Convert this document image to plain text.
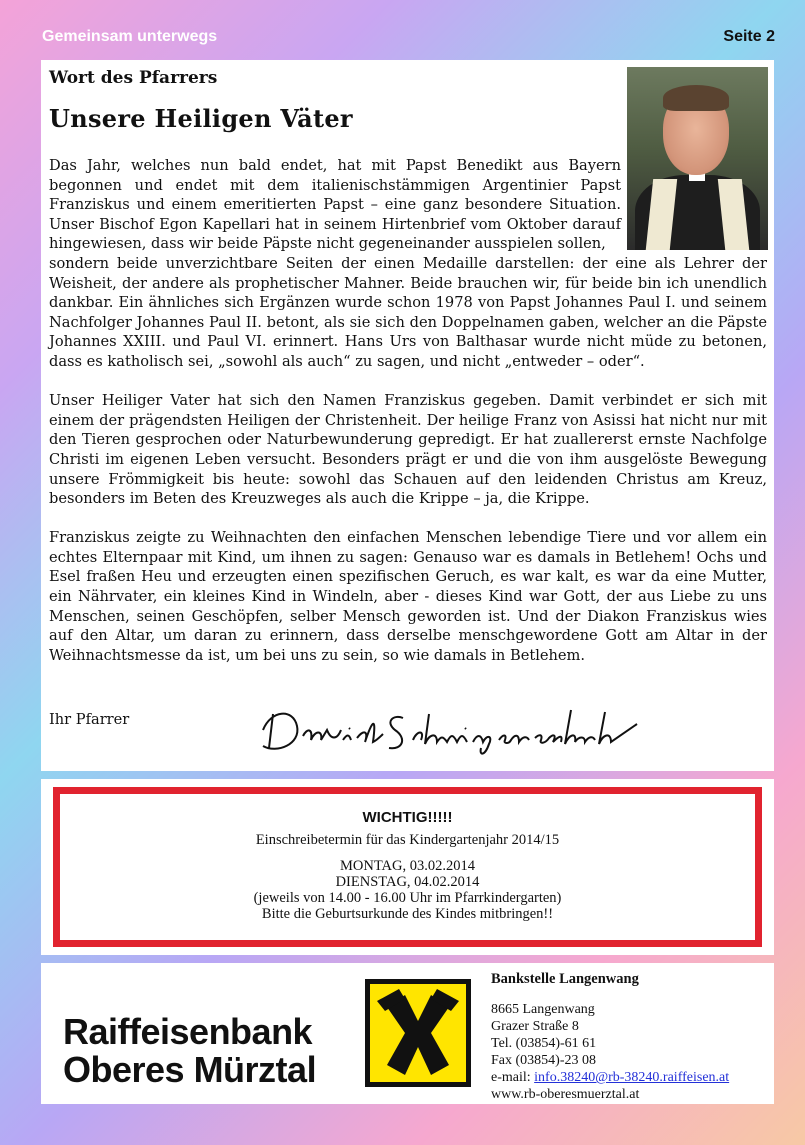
Gemeinsam unterwegs	Seite 2
Wort des Pfarrers
Unsere Heiligen Väter

Das Jahr, welches nun bald endet, hat mit Papst Benedikt aus Bayern begonnen und endet mit dem italienischstämmigen Argentinier Papst Franziskus und einem emeritierten Papst – eine ganz besondere Situation. Unser Bischof Egon Kapellari hat in seinem Hirtenbrief vom Oktober darauf hingewiesen, dass wir beide Päpste nicht gegeneinander ausspielen sollen,
sondern beide unverzichtbare Seiten der einen Medaille darstellen: der eine als Lehrer der Weisheit, der andere als prophetischer Mahner. Beide brauchen wir, für beide bin ich unendlich dankbar. Ein ähnliches sich Ergänzen wurde schon 1978 von Papst Johannes Paul I. und seinem Nachfolger Johannes Paul II. betont, als sie sich den Doppelnamen gaben, welcher an die Päpste Johannes XXIII. und Paul VI. erinnert. Hans Urs von Balthasar wurde nicht müde zu betonen, dass es katholisch sei, „sowohl als auch“ zu sagen, und nicht „entweder – oder“.

Unser Heiliger Vater hat sich den Namen Franziskus gegeben. Damit verbindet er sich mit einem der prägendsten Heiligen der Christenheit. Der heilige Franz von Asissi hat nicht nur mit den Tieren gesprochen oder Naturbewunderung gepredigt. Er hat zuallererst ernste Nachfolge Christi im eigenen Leben versucht. Besonders prägt er und die von ihm ausgelöste Bewegung unsere Frömmigkeit bis heute: sowohl das Schauen auf den leidenden Christus am Kreuz, besonders im Beten des Kreuzweges als auch die Krippe – ja, die Krippe.

Franziskus zeigte zu Weihnachten den einfachen Menschen lebendige Tiere und vor allem ein echtes Elternpaar mit Kind, um ihnen zu sagen: Genauso war es damals in Betlehem! Ochs und Esel fraßen Heu und erzeugten einen spezifischen Geruch, es war kalt, es war da eine Mutter, ein Nährvater, ein kleines Kind in Windeln, aber - dieses Kind war Gott, der aus Liebe zu uns Menschen, seinen Geschöpfen, selber Mensch geworden ist. Und der Diakon Franziskus wies auf den Altar, um daran zu erinnern, dass derselbe menschgewordene Gott am Altar in der Weihnachtsmesse da ist, um bei uns zu sein, so wie damals in Betlehem.

Ihr Pfarrer
WICHTIG!!!!!
Einschreibetermin für das Kindergartenjahr 2014/15
MONTAG, 03.02.2014
DIENSTAG, 04.02.2014
(jeweils von 14.00 - 16.00 Uhr im Pfarrkindergarten)
Bitte die Geburtsurkunde des Kindes mitbringen!!
Raiffeisenbank
Oberes Mürztal
Bankstelle Langenwang
8665 Langenwang
Grazer Straße 8
Tel. (03854)-61 61
Fax (03854)-23 08
e-mail: info.38240@rb-38240.raiffeisen.at
www.rb-oberesmuerztal.at
